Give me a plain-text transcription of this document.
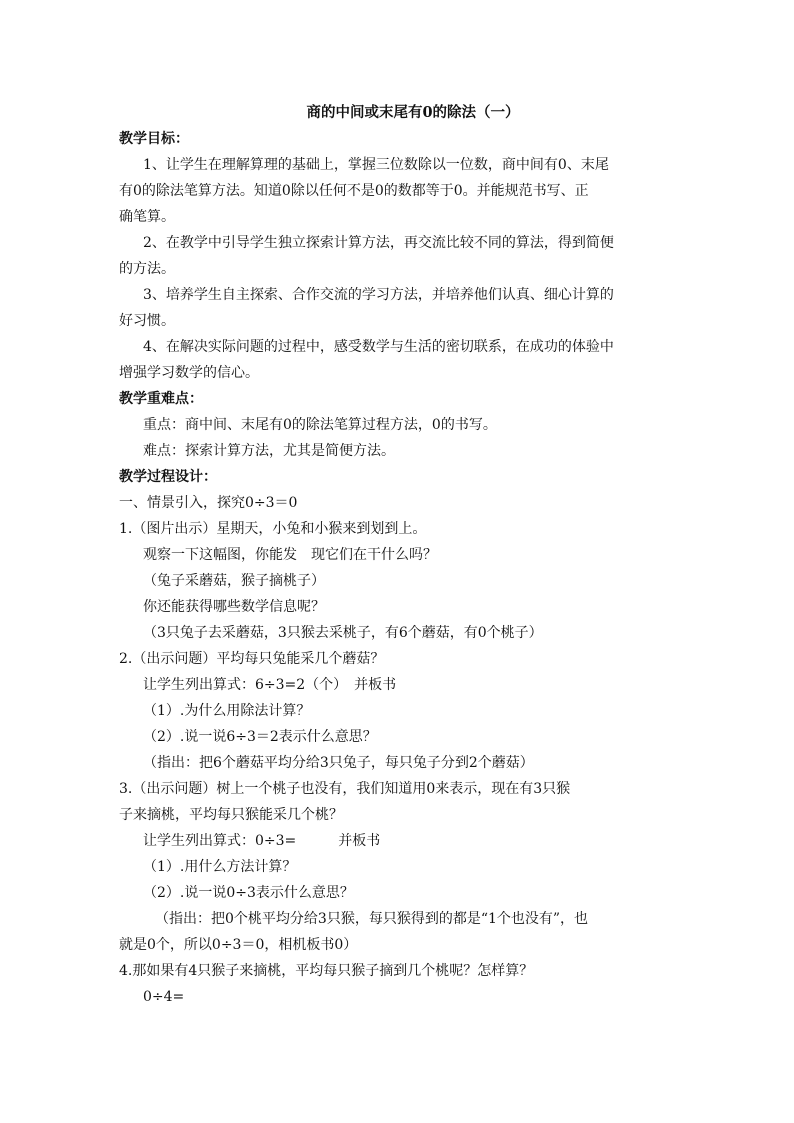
商的中间或末尾有0的除法（一）
教学目标：
1、让学生在理解算理的基础上，掌握三位数除以一位数，商中间有0、末尾
有0的除法笔算方法。知道0除以任何不是0的数都等于0。并能规范书写、正
确笔算。
2、在教学中引导学生独立探索计算方法，再交流比较不同的算法，得到简便
的方法。
3、培养学生自主探索、合作交流的学习方法，并培养他们认真、细心计算的
好习惯。
4、在解决实际问题的过程中，感受数学与生活的密切联系，在成功的体验中
增强学习数学的信心。
教学重难点：
重点：商中间、末尾有0的除法笔算过程方法，0的书写。
难点：探索计算方法，尤其是简便方法。
教学过程设计：
一、情景引入，探究0÷3＝0
1.（图片出示）星期天，小兔和小猴来到划到上。
观察一下这幅图，你能发　现它们在干什么吗？
（兔子采蘑菇，猴子摘桃子）
你还能获得哪些数学信息呢？
（3只兔子去采蘑菇，3只猴去采桃子，有6个蘑菇，有0个桃子）
2.（出示问题）平均每只兔能采几个蘑菇？
让学生列出算式：6÷3=2（个）　并板书
（1）.为什么用除法计算？
（2）.说一说6÷3＝2表示什么意思？
（指出：把6个蘑菇平均分给3只兔子，每只兔子分到2个蘑菇）
3.（出示问题）树上一个桃子也没有，我们知道用0来表示，现在有3只猴
子来摘桃，平均每只猴能采几个桃？
让学生列出算式：0÷3=　　　并板书
（1）.用什么方法计算？
（2）.说一说0÷3表示什么意思？
（指出：把0个桃平均分给3只猴，每只猴得到的都是“1个也没有”，也
就是0个，所以0÷3＝0，相机板书0）
4.那如果有4只猴子来摘桃，平均每只猴子摘到几个桃呢？怎样算？
0÷4=
